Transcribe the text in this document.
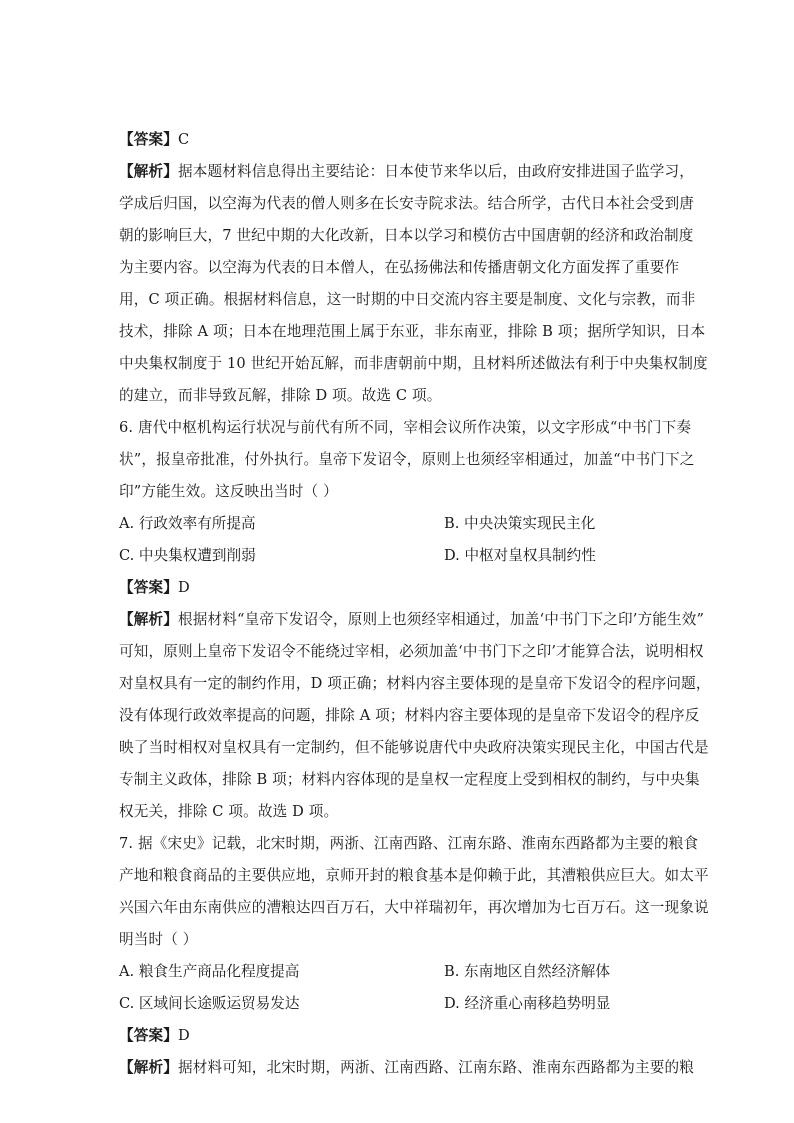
【答案】C
【解析】据本题材料信息得出主要结论：日本使节来华以后，由政府安排进国子监学习，
学成后归国，以空海为代表的僧人则多在长安寺院求法。结合所学，古代日本社会受到唐
朝的影响巨大，7 世纪中期的大化改新，日本以学习和模仿古中国唐朝的经济和政治制度
为主要内容。以空海为代表的日本僧人，在弘扬佛法和传播唐朝文化方面发挥了重要作
用，C 项正确。根据材料信息，这一时期的中日交流内容主要是制度、文化与宗教，而非
技术，排除 A 项；日本在地理范围上属于东亚，非东南亚，排除 B 项；据所学知识，日本
中央集权制度于 10 世纪开始瓦解，而非唐朝前中期，且材料所述做法有利于中央集权制度
的建立，而非导致瓦解，排除 D 项。故选 C 项。
6. 唐代中枢机构运行状况与前代有所不同，宰相会议所作决策，以文字形成“中书门下奏
状”，报皇帝批准，付外执行。皇帝下发诏令，原则上也须经宰相通过，加盖“中书门下之
印”方能生效。这反映出当时（ ）
A. 行政效率有所提高	B. 中央决策实现民主化
C. 中央集权遭到削弱	D. 中枢对皇权具制约性
【答案】D
【解析】根据材料“皇帝下发诏令，原则上也须经宰相通过，加盖‘中书门下之印’方能生效”
可知，原则上皇帝下发诏令不能绕过宰相，必须加盖‘中书门下之印’才能算合法，说明相权
对皇权具有一定的制约作用，D 项正确；材料内容主要体现的是皇帝下发诏令的程序问题，
没有体现行政效率提高的问题，排除 A 项；材料内容主要体现的是皇帝下发诏令的程序反
映了当时相权对皇权具有一定制约，但不能够说唐代中央政府决策实现民主化，中国古代是
专制主义政体，排除 B 项；材料内容体现的是皇权一定程度上受到相权的制约，与中央集
权无关，排除 C 项。故选 D 项。
7. 据《宋史》记载，北宋时期，两浙、江南西路、江南东路、淮南东西路都为主要的粮食
产地和粮食商品的主要供应地，京师开封的粮食基本是仰赖于此，其漕粮供应巨大。如太平
兴国六年由东南供应的漕粮达四百万石，大中祥瑞初年，再次增加为七百万石。这一现象说
明当时（ ）
A. 粮食生产商品化程度提高	B. 东南地区自然经济解体
C. 区域间长途贩运贸易发达	D. 经济重心南移趋势明显
【答案】D
【解析】据材料可知，北宋时期，两浙、江南西路、江南东路、淮南东西路都为主要的粮
